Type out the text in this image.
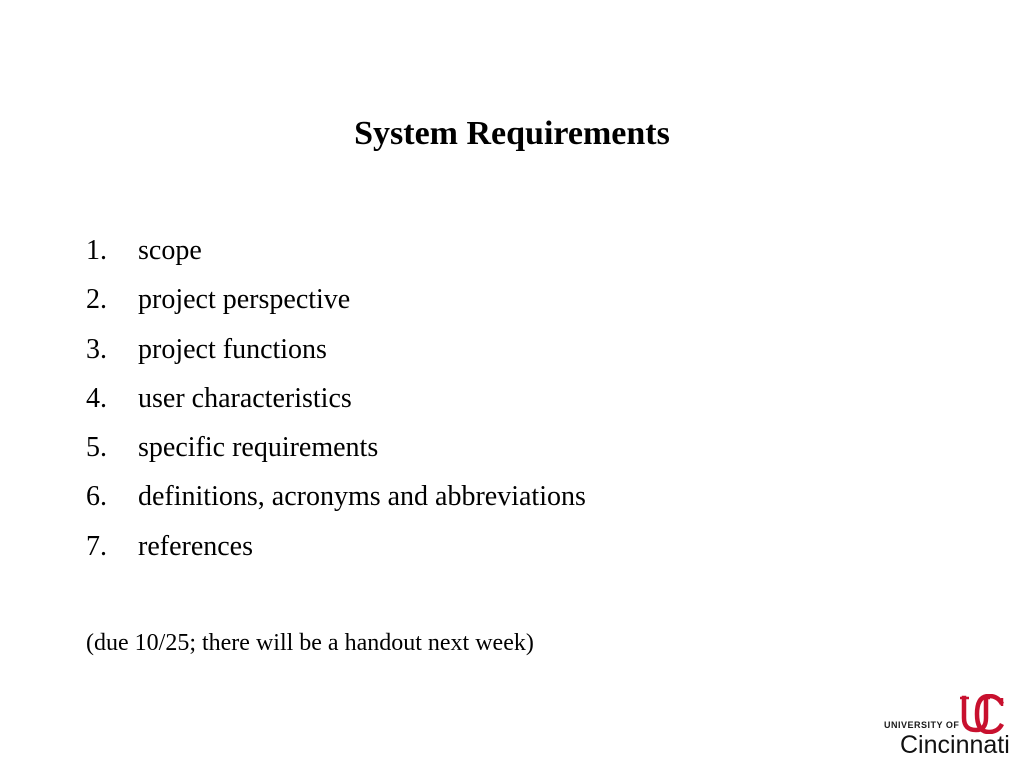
System Requirements
1.	scope
2.	project perspective
3.	project functions
4.	user characteristics
5.	specific requirements
6.	definitions, acronyms and abbreviations
7.	references

(due 10/25; there will be a handout next week)

UNIVERSITY OF
Cincinnati
